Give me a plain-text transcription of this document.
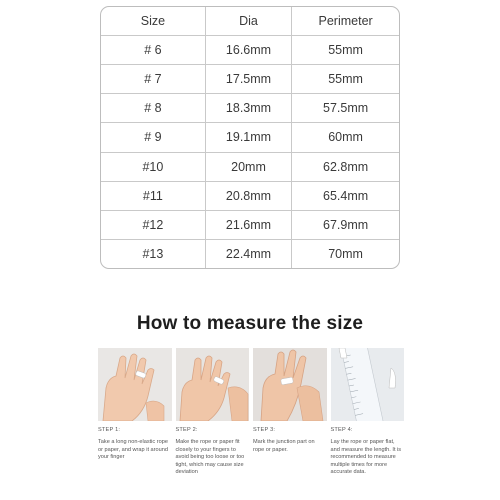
Size	Dia	Perimeter
# 6	16.6mm	55mm
# 7	17.5mm	55mm
# 8	18.3mm	57.5mm
# 9	19.1mm	60mm
#10	20mm	62.8mm
#11	20.8mm	65.4mm
#12	21.6mm	67.9mm
#13	22.4mm	70mm
How to measure the size
STEP 1:
Take a long non-elastic rope or paper, and wrap it around your finger
STEP 2:
Make the rope or paper fit closely to your fingers to avoid being too loose or too tight, which may cause size deviation
STEP 3:
Mark the junction part on rope or paper.
STEP 4:
Lay the rope or paper flat, and measure the length. It is recommended to measure multiple times for more accurate data.
